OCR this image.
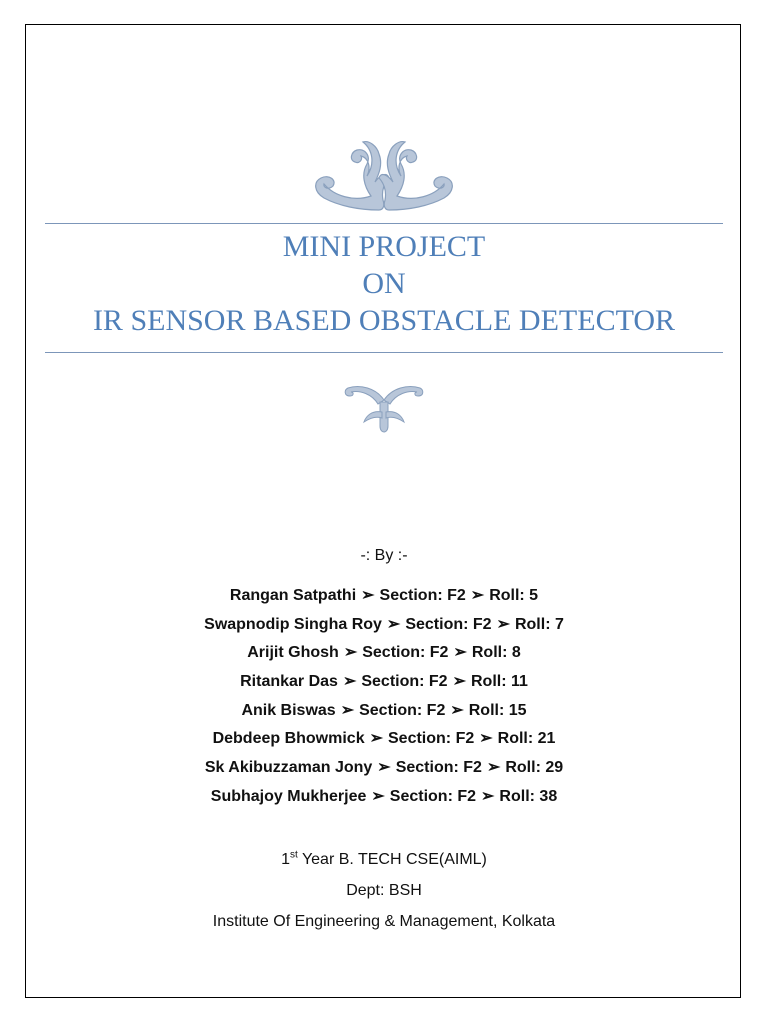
MINI PROJECT
ON
IR SENSOR BASED OBSTACLE DETECTOR
-: By :-
Rangan Satpathi ➢ Section: F2 ➢ Roll: 5
Swapnodip Singha Roy ➢ Section: F2 ➢ Roll: 7
Arijit Ghosh ➢ Section: F2 ➢ Roll: 8
Ritankar Das ➢ Section: F2 ➢ Roll: 11
Anik Biswas ➢ Section: F2 ➢ Roll: 15
Debdeep Bhowmick ➢ Section: F2 ➢ Roll: 21
Sk Akibuzzaman Jony ➢ Section: F2 ➢ Roll: 29
Subhajoy Mukherjee ➢ Section: F2 ➢ Roll: 38
1st Year B. TECH CSE(AIML)
Dept: BSH
Institute Of Engineering & Management, Kolkata
